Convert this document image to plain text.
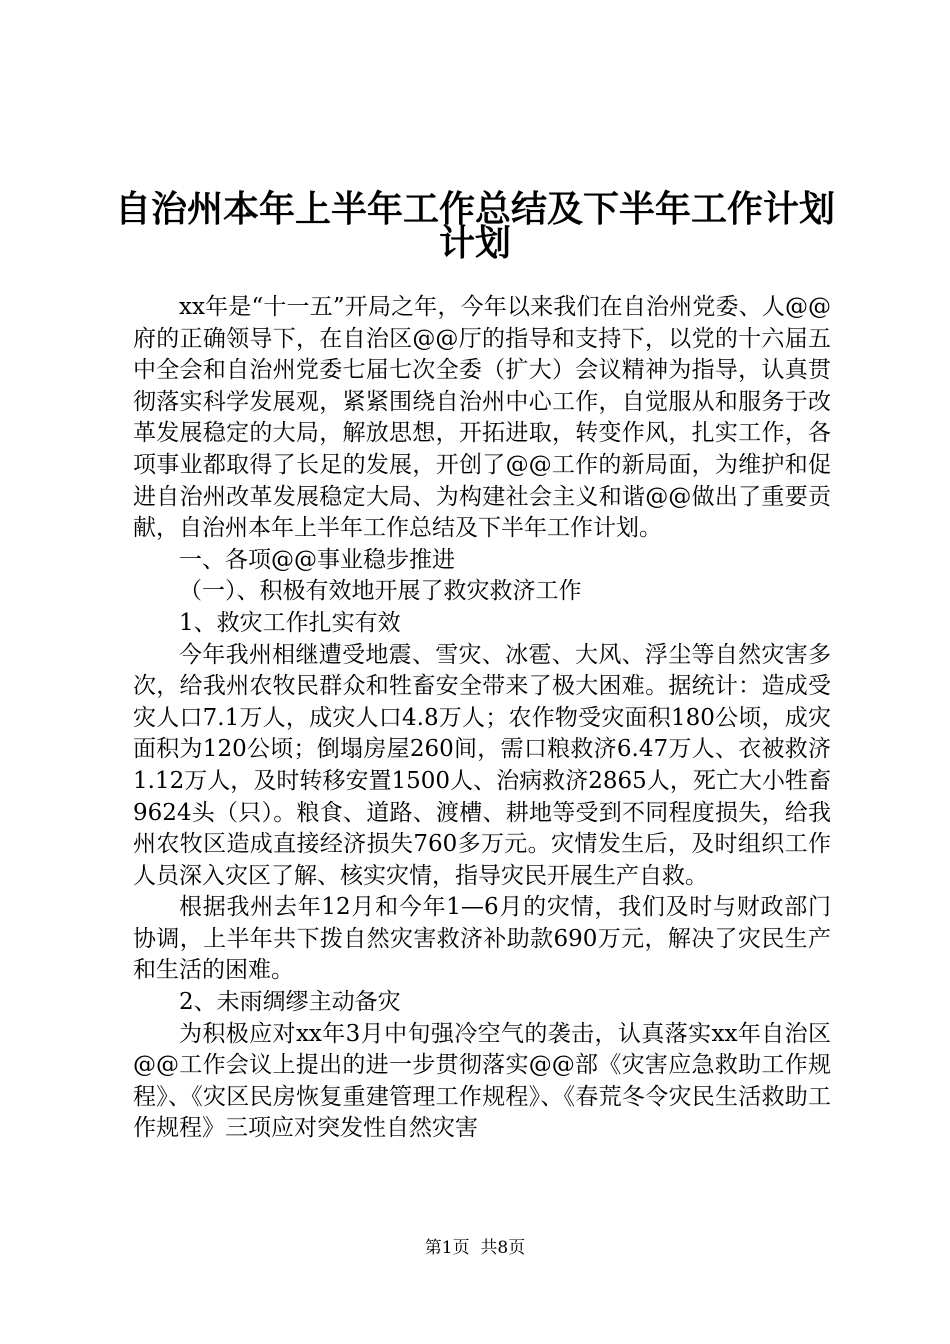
自治州本年上半年工作总结及下半年工作计划
计划

xx年是“十一五”开局之年，今年以来我们在自治州党委、人@@府的正确领导下，在自治区@@厅的指导和支持下，以党的十六届五中全会和自治州党委七届七次全委（扩大）会议精神为指导，认真贯彻落实科学发展观，紧紧围绕自治州中心工作，自觉服从和服务于改革发展稳定的大局，解放思想，开拓进取，转变作风，扎实工作，各项事业都取得了长足的发展，开创了@@工作的新局面，为维护和促进自治州改革发展稳定大局、为构建社会主义和谐@@做出了重要贡献，自治州本年上半年工作总结及下半年工作计划。

一、各项@@事业稳步推进

（一）、积极有效地开展了救灾救济工作

1、救灾工作扎实有效

今年我州相继遭受地震、雪灾、冰雹、大风、浮尘等自然灾害多次，给我州农牧民群众和牲畜安全带来了极大困难。据统计：造成受灾人口7.1万人，成灾人口4.8万人；农作物受灾面积180公顷，成灾面积为120公顷；倒塌房屋260间，需口粮救济6.47万人、衣被救济1.12万人，及时转移安置1500人、治病救济2865人，死亡大小牲畜9624头（只）。粮食、道路、渡槽、耕地等受到不同程度损失，给我州农牧区造成直接经济损失760多万元。灾情发生后，及时组织工作人员深入灾区了解、核实灾情，指导灾民开展生产自救。

根据我州去年12月和今年1—6月的灾情，我们及时与财政部门协调，上半年共下拨自然灾害救济补助款690万元，解决了灾民生产和生活的困难。

2、未雨绸缪主动备灾

为积极应对xx年3月中旬强冷空气的袭击，认真落实xx年自治区@@工作会议上提出的进一步贯彻落实@@部《灾害应急救助工作规程》、《灾区民房恢复重建管理工作规程》、《春荒冬令灾民生活救助工作规程》三项应对突发性自然灾害

第1页 共8页
